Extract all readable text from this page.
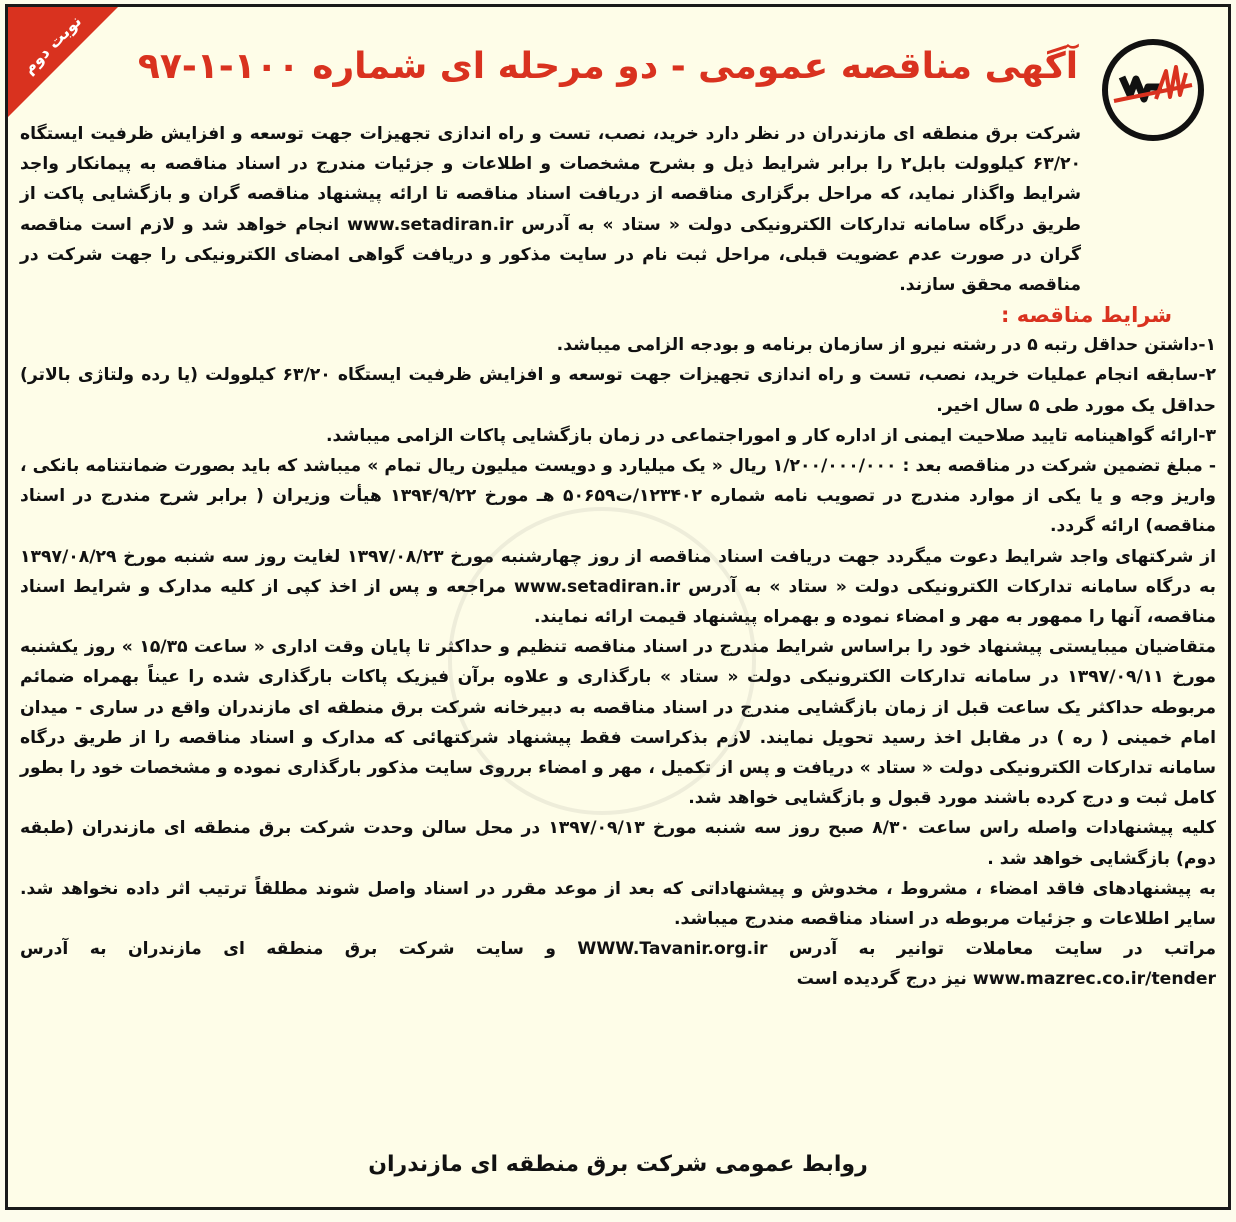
نوبت دوم آگهی مناقصه عمومی - دو مرحله ای شماره ۱۰۰-۱-۹۷

شرکت برق منطقه ای مازندران در نظر دارد خرید، نصب، تست و راه اندازی تجهیزات جهت توسعه و افزایش ظرفیت ایستگاه ۶۳/۲۰ کیلوولت بابل۲ را برابر شرایط ذیل و بشرح مشخصات و اطلاعات و جزئیات مندرج در اسناد مناقصه به پیمانکار واجد شرایط واگذار نماید، که مراحل برگزاری مناقصه از دریافت اسناد مناقصه تا ارائه پیشنهاد مناقصه گران و بازگشایی پاکت از طریق درگاه سامانه تدارکات الکترونیکی دولت « ستاد » به آدرس www.setadiran.ir انجام خواهد شد و لازم است مناقصه گران در صورت عدم عضویت قبلی، مراحل ثبت نام در سایت مذکور و دریافت گواهی امضای الکترونیکی را جهت شرکت در مناقصه محقق سازند.

شرایط مناقصه :

۱-داشتن حداقل رتبه ۵ در رشته نیرو از سازمان برنامه و بودجه الزامی میباشد.

۲-سابقه انجام عملیات خرید، نصب، تست و راه اندازی تجهیزات جهت توسعه و افزایش ظرفیت ایستگاه ۶۳/۲۰ کیلوولت (یا رده ولتاژی بالاتر) حداقل یک مورد طی ۵ سال اخیر.

۳-ارائه گواهینامه تایید صلاحیت ایمنی از اداره کار و اموراجتماعی در زمان بازگشایی پاکات الزامی میباشد.

- مبلغ تضمین شرکت در مناقصه بعد : ۱/۲۰۰/۰۰۰/۰۰۰ ریال « یک میلیارد و دویست میلیون ریال تمام » میباشد که باید بصورت ضمانتنامه بانکی ، واریز وجه و یا یکی از موارد مندرج در تصویب نامه شماره ۱۲۳۴۰۲/ت۵۰۶۵۹ هـ مورخ ۱۳۹۴/۹/۲۲ هیأت وزیران ( برابر شرح مندرج در اسناد مناقصه) ارائه گردد.

از شرکتهای واجد شرایط دعوت میگردد جهت دریافت اسناد مناقصه از روز چهارشنبه مورخ ۱۳۹۷/۰۸/۲۳ لغایت روز سه شنبه مورخ ۱۳۹۷/۰۸/۲۹ به درگاه سامانه تدارکات الکترونیکی دولت « ستاد » به آدرس www.setadiran.ir مراجعه و پس از اخذ کپی از کلیه مدارک و شرایط اسناد مناقصه، آنها را ممهور به مهر و امضاء نموده و بهمراه پیشنهاد قیمت ارائه نمایند.

متقاضیان میبایستی پیشنهاد خود را براساس شرایط مندرج در اسناد مناقصه تنظیم و حداکثر تا پایان وقت اداری « ساعت ۱۵/۳۵ » روز یکشنبه مورخ ۱۳۹۷/۰۹/۱۱ در سامانه تدارکات الکترونیکی دولت « ستاد » بارگذاری و علاوه برآن فیزیک پاکات بارگذاری شده را عیناً بهمراه ضمائم مربوطه حداکثر یک ساعت قبل از زمان بازگشایی مندرج در اسناد مناقصه به دبیرخانه شرکت برق منطقه ای مازندران واقع در ساری - میدان امام خمینی ( ره ) در مقابل اخذ رسید تحویل نمایند. لازم بذکراست فقط پیشنهاد شرکتهائی که مدارک و اسناد مناقصه را از طریق درگاه سامانه تدارکات الکترونیکی دولت « ستاد » دریافت و پس از تکمیل ، مهر و امضاء برروی سایت مذکور بارگذاری نموده و مشخصات خود را بطور کامل ثبت و درج کرده باشند مورد قبول و بازگشایی خواهد شد.

کلیه پیشنهادات واصله راس ساعت ۸/۳۰ صبح روز سه شنبه مورخ ۱۳۹۷/۰۹/۱۳ در محل سالن وحدت شرکت برق منطقه ای مازندران (طبقه دوم) بازگشایی خواهد شد .

به پیشنهادهای فاقد امضاء ، مشروط ، مخدوش و پیشنهاداتی که بعد از موعد مقرر در اسناد واصل شوند مطلقاً ترتیب اثر داده نخواهد شد. سایر اطلاعات و جزئیات مربوطه در اسناد مناقصه مندرج میباشد.

مراتب در سایت معاملات توانیر به آدرس WWW.Tavanir.org.ir و سایت شرکت برق منطقه ای مازندران به آدرس www.mazrec.co.ir/tender نیز درج گردیده است

روابط عمومی شرکت برق منطقه ای مازندران
